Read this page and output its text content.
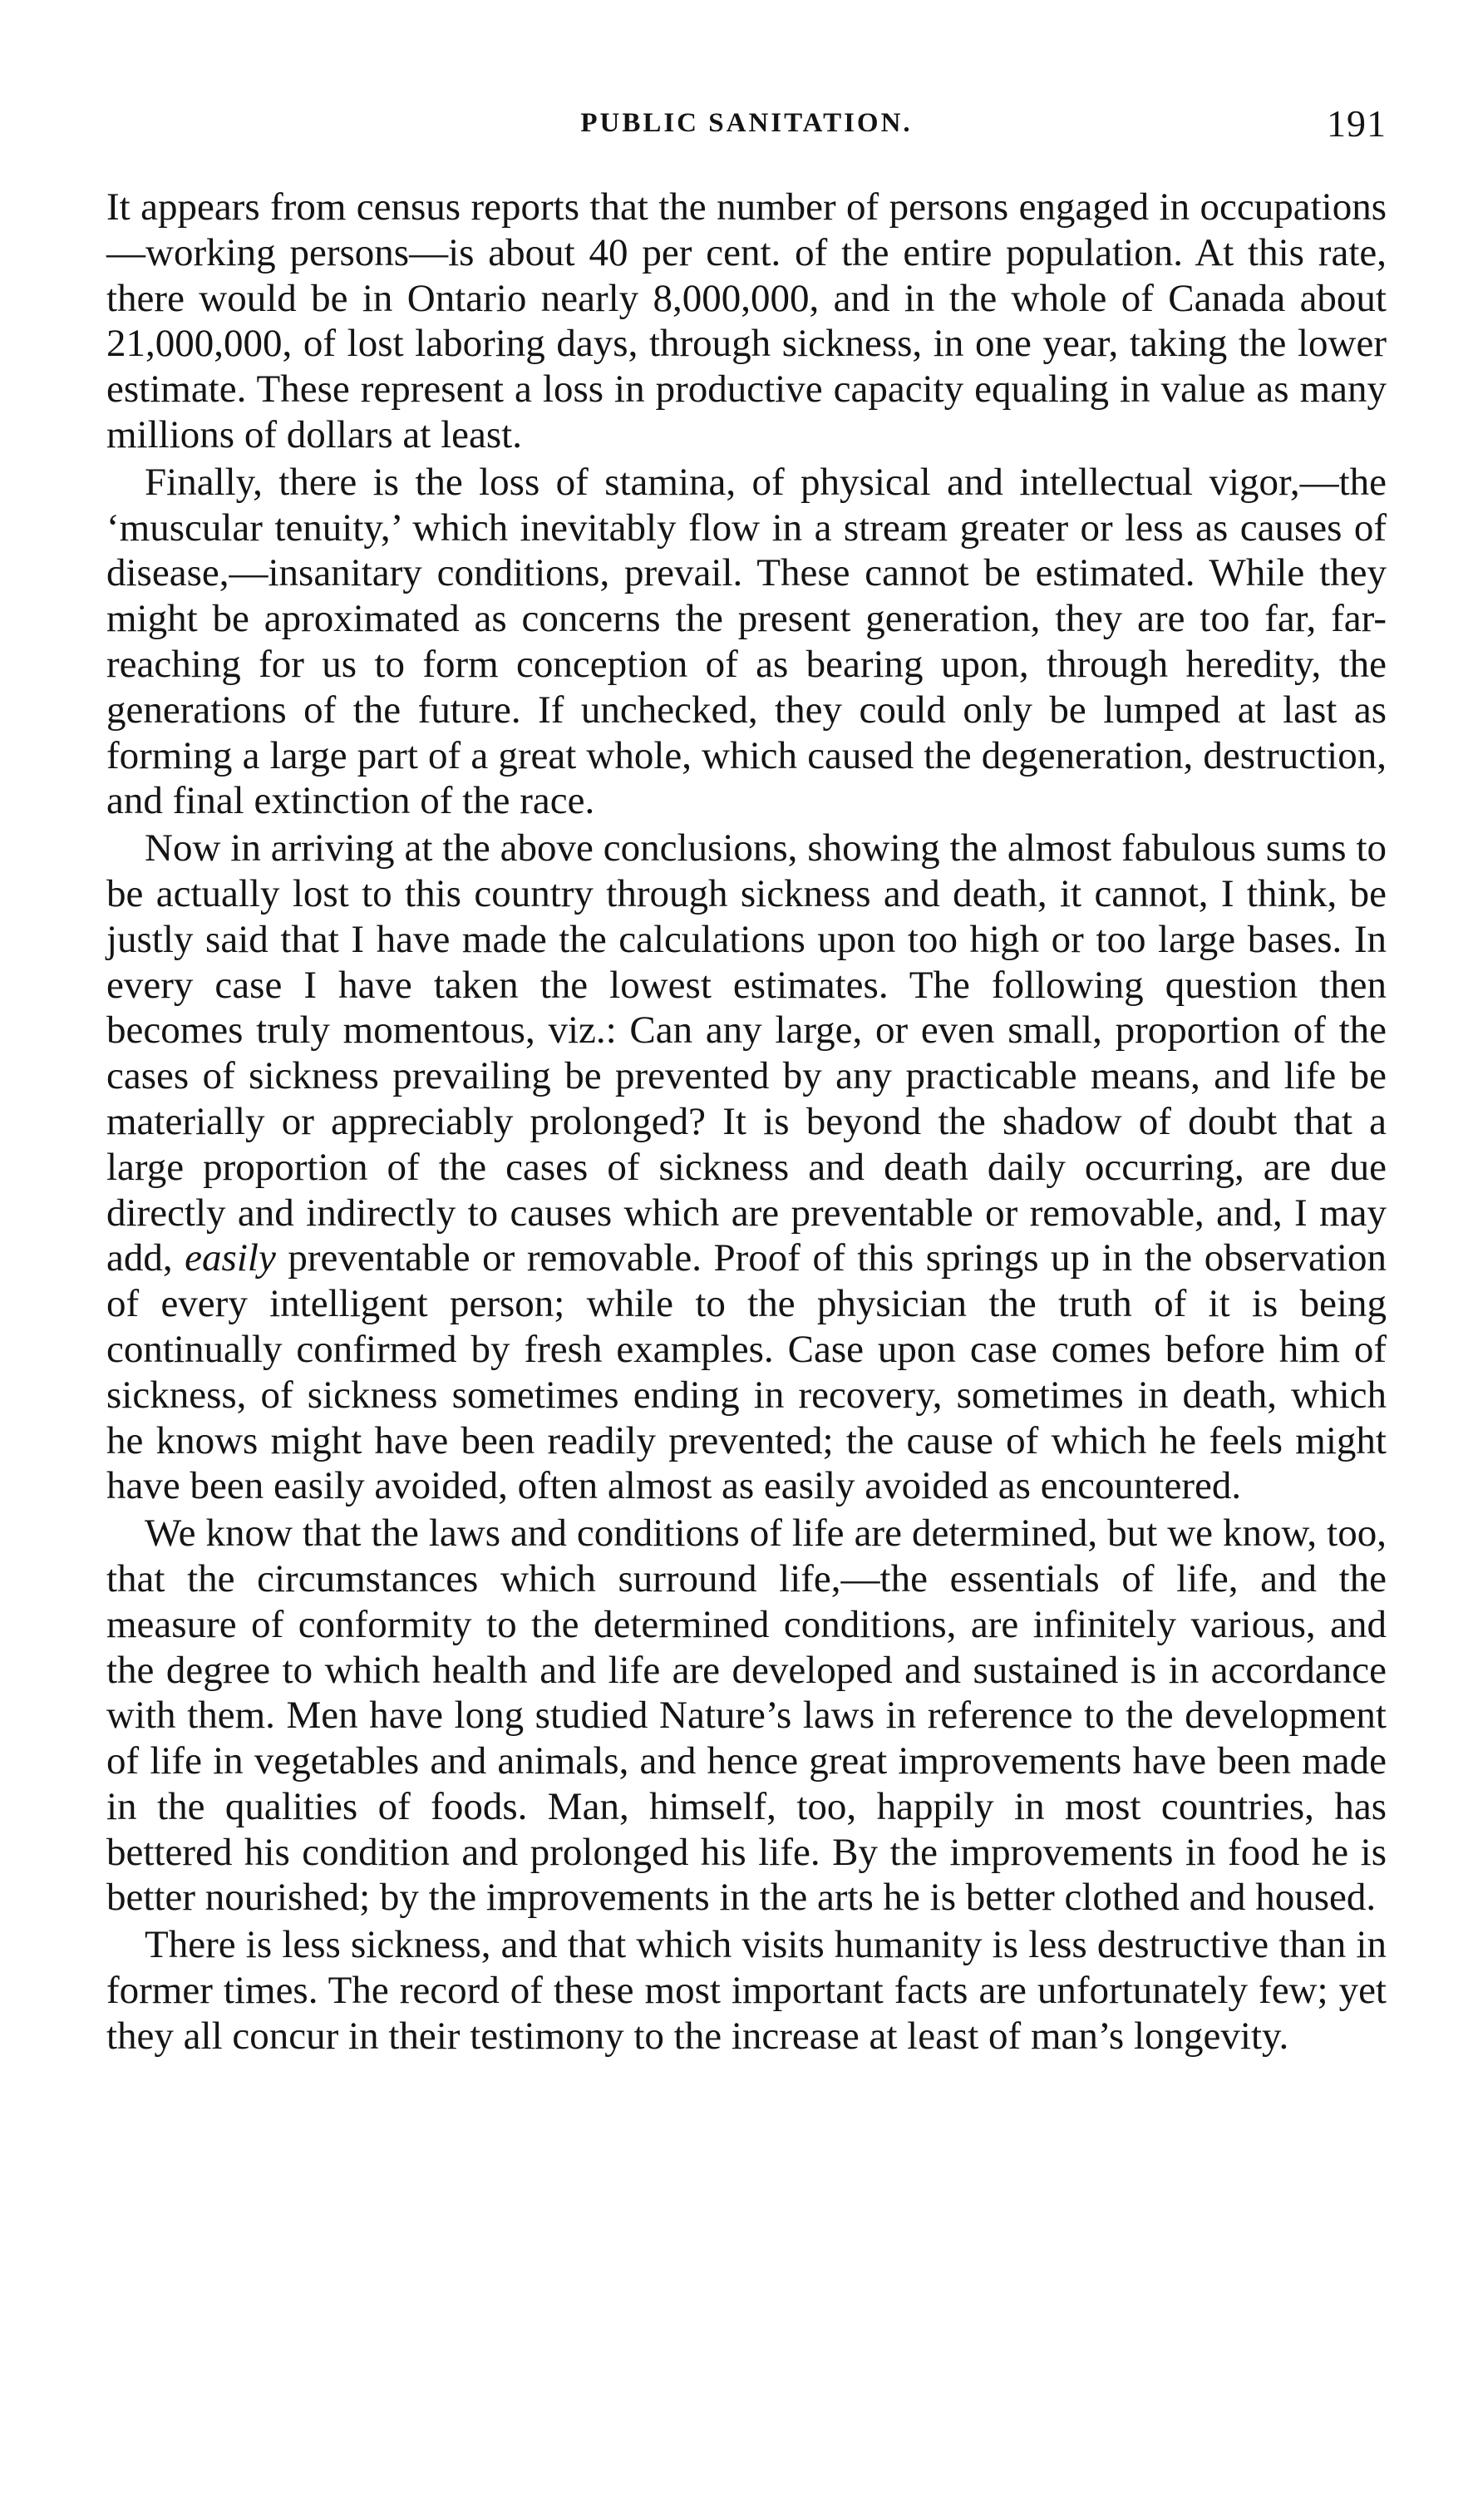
PUBLIC SANITATION.	191

It appears from census reports that the number of persons engaged in occupations—working persons—is about 40 per cent. of the entire population. At this rate, there would be in Ontario nearly 8,000,000, and in the whole of Canada about 21,000,000, of lost laboring days, through sickness, in one year, taking the lower estimate. These represent a loss in productive capacity equaling in value as many millions of dollars at least.

Finally, there is the loss of stamina, of physical and intellectual vigor,—the ‘muscular tenuity,’ which inevitably flow in a stream greater or less as causes of disease,—insanitary conditions, prevail. These cannot be estimated. While they might be aproximated as concerns the present generation, they are too far, far-reaching for us to form conception of as bearing upon, through heredity, the generations of the future. If unchecked, they could only be lumped at last as forming a large part of a great whole, which caused the degeneration, destruction, and final extinction of the race.

Now in arriving at the above conclusions, showing the almost fabulous sums to be actually lost to this country through sickness and death, it cannot, I think, be justly said that I have made the calculations upon too high or too large bases. In every case I have taken the lowest estimates. The following question then becomes truly momentous, viz.: Can any large, or even small, proportion of the cases of sickness prevailing be prevented by any practicable means, and life be materially or appreciably prolonged? It is beyond the shadow of doubt that a large proportion of the cases of sickness and death daily occurring, are due directly and indirectly to causes which are preventable or removable, and, I may add, easily preventable or removable. Proof of this springs up in the observation of every intelligent person; while to the physician the truth of it is being continually confirmed by fresh examples. Case upon case comes before him of sickness, of sickness sometimes ending in recovery, sometimes in death, which he knows might have been readily prevented; the cause of which he feels might have been easily avoided, often almost as easily avoided as encountered.

We know that the laws and conditions of life are determined, but we know, too, that the circumstances which surround life,—the essentials of life, and the measure of conformity to the determined conditions, are infinitely various, and the degree to which health and life are developed and sustained is in accordance with them. Men have long studied Nature’s laws in reference to the development of life in vegetables and animals, and hence great improvements have been made in the qualities of foods. Man, himself, too, happily in most countries, has bettered his condition and prolonged his life. By the improvements in food he is better nourished; by the improvements in the arts he is better clothed and housed.

There is less sickness, and that which visits humanity is less destructive than in former times. The record of these most important facts are unfortunately few; yet they all concur in their testimony to the increase at least of man’s longevity.
